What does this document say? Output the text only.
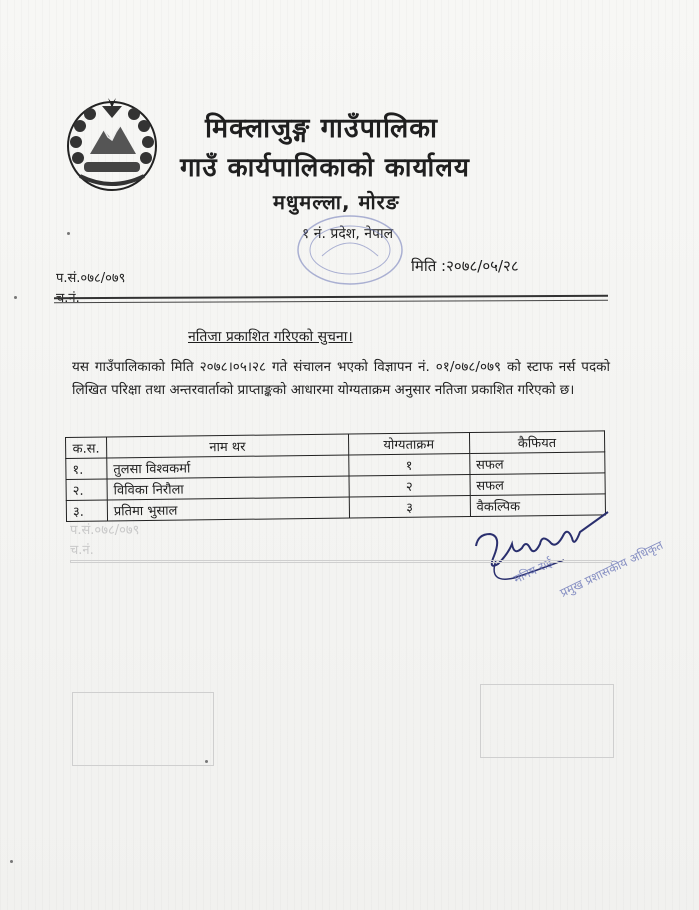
मिक्लाजुङ्ग गाउँपालिका
गाउँ कार्यपालिकाको कार्यालय
मधुमल्ला, मोरङ
१ नं. प्रदेश, नेपाल
प.सं.०७८/०७९
च.नं.
मिति :२०७८/०५/२८
नतिजा प्रकाशित गरिएको सुचना।
यस गाउँपालिकाको मिति २०७८।०५।२८ गते संचालन भएको विज्ञापन नं. ०१/०७८/०७९ को स्टाफ नर्स पदको लिखित परिक्षा तथा अन्तरवार्ताको प्राप्ताङ्कको आधारमा योग्यताक्रम अनुसार नतिजा प्रकाशित गरिएको छ।
क.स.	नाम थर	योग्यताक्रम	कैफियत
१.	तुलसा विश्वकर्मा	१	सफल
२.	विविका निरौला	२	सफल
३.	प्रतिमा भुसाल	३	वैकल्पिक
मनिष राई प्रमुख प्रशासकीय अधिकृत
प.सं.०७८/०७९
च.नं.
